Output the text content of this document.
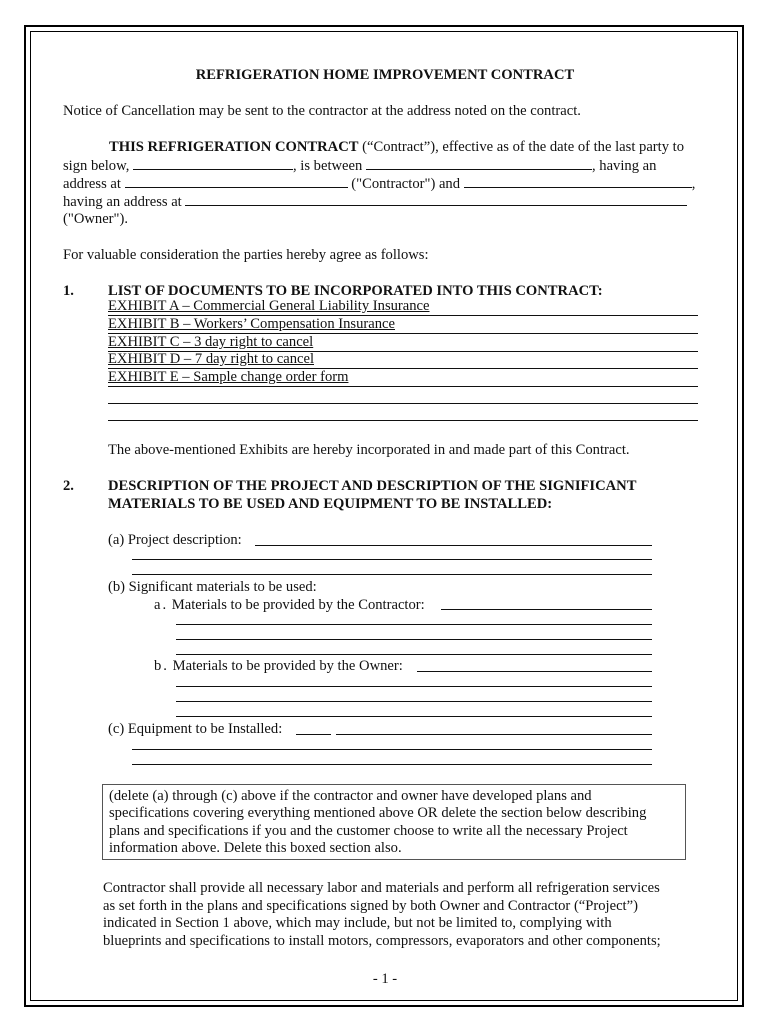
REFRIGERATION HOME IMPROVEMENT CONTRACT
Notice of Cancellation may be sent to the contractor at the address noted on the contract.
THIS REFRIGERATION CONTRACT (“Contract”), effective as of the date of the last party to
sign below,	, is between	, having an
address at	("Contractor") and	,
having an address at
("Owner").
For valuable consideration the parties hereby agree as follows:
1. LIST OF DOCUMENTS TO BE INCORPORATED INTO THIS CONTRACT:
EXHIBIT A – Commercial General Liability Insurance
EXHIBIT B – Workers’ Compensation Insurance
EXHIBIT C – 3 day right to cancel
EXHIBIT D – 7 day right to cancel
EXHIBIT E – Sample change order form
The above-mentioned Exhibits are hereby incorporated in and made part of this Contract.
2. DESCRIPTION OF THE PROJECT AND DESCRIPTION OF THE SIGNIFICANT
MATERIALS TO BE USED AND EQUIPMENT TO BE INSTALLED:
(a) Project description:
(b) Significant materials to be used:
a. Materials to be provided by the Contractor:
b. Materials to be provided by the Owner:
(c) Equipment to be Installed:
(delete (a) through (c) above if the contractor and owner have developed plans and
specifications covering everything mentioned above OR delete the section below describing
plans and specifications if you and the customer choose to write all the necessary Project
information above. Delete this boxed section also.
Contractor shall provide all necessary labor and materials and perform all refrigeration services
as set forth in the plans and specifications signed by both Owner and Contractor (“Project”)
indicated in Section 1 above, which may include, but not be limited to, complying with
blueprints and specifications to install motors, compressors, evaporators and other components;
- 1 -
